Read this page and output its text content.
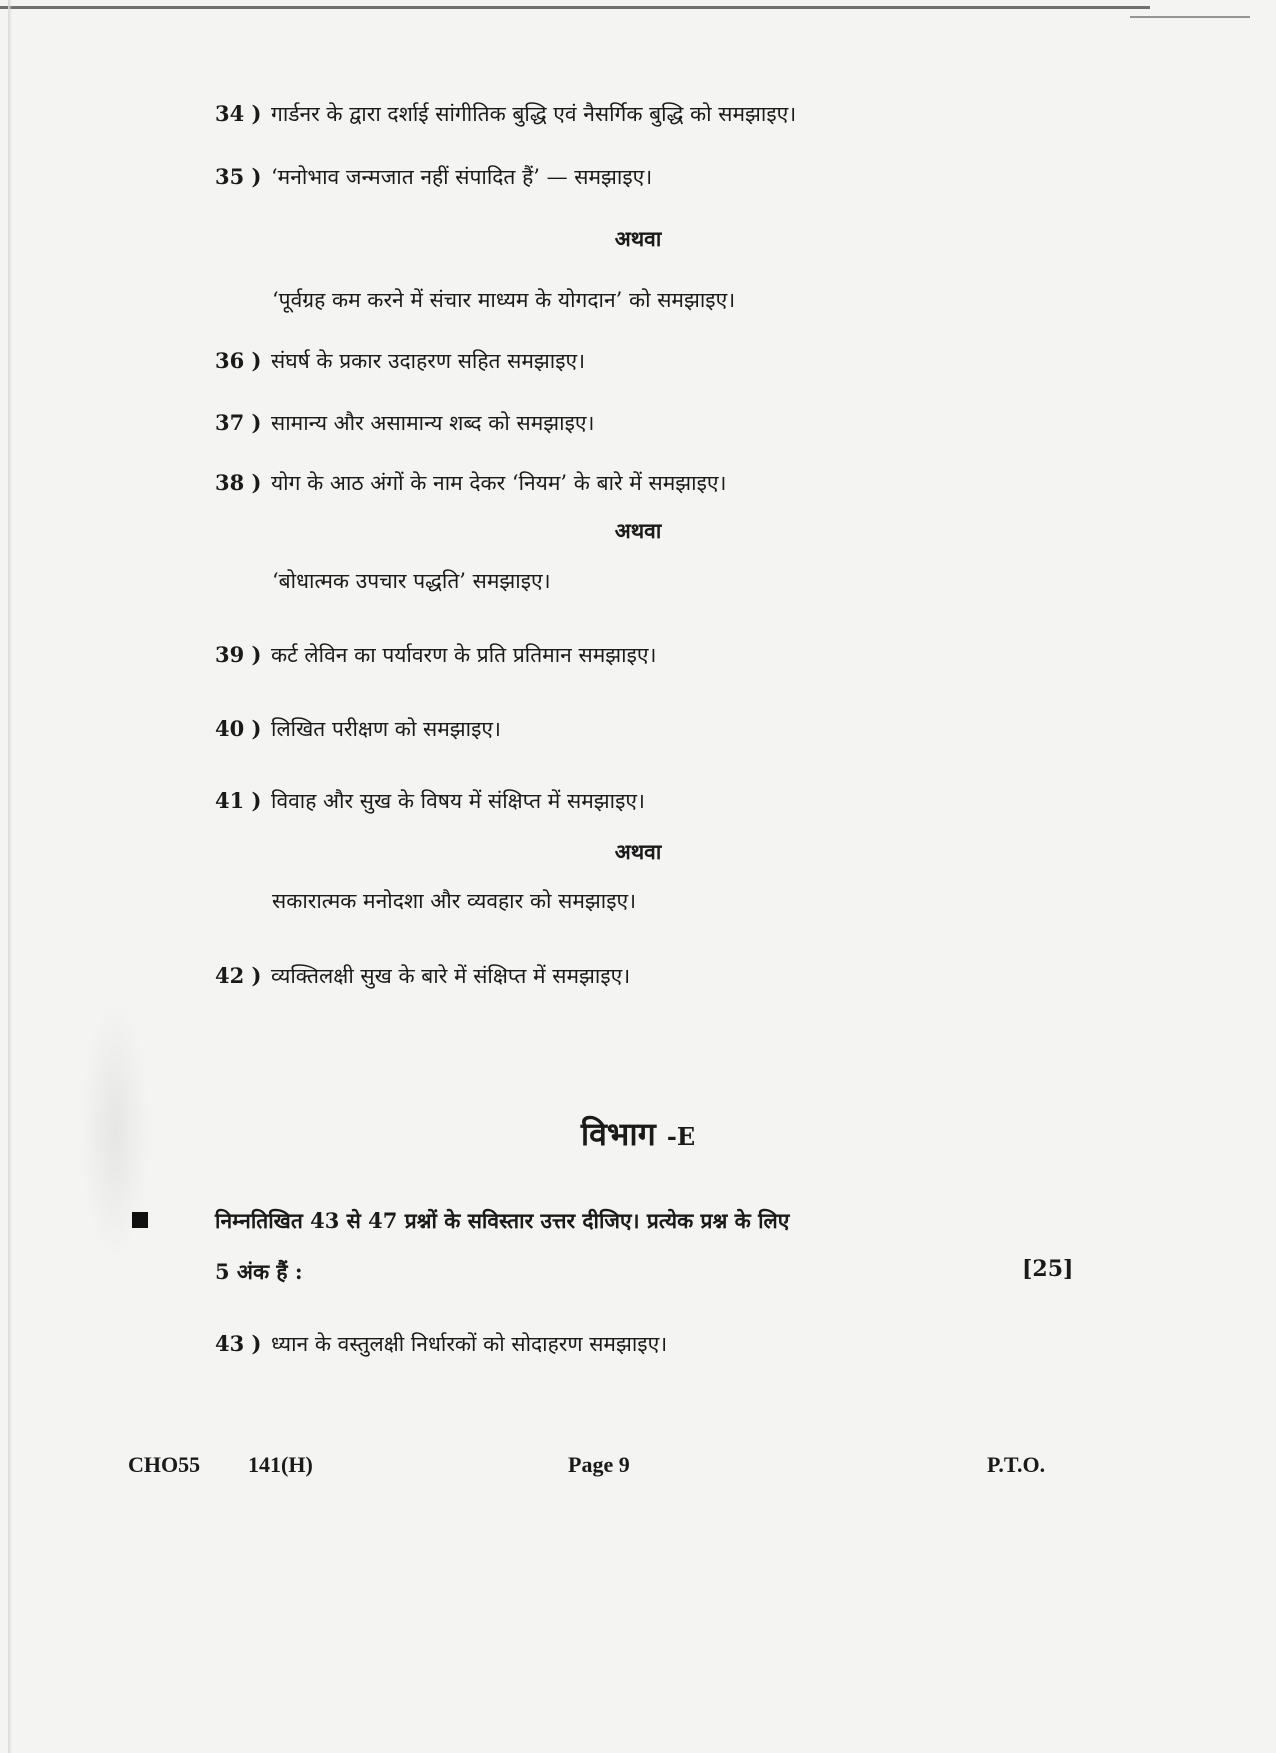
34 ) गार्डनर के द्वारा दर्शाई सांगीतिक बुद्धि एवं नैसर्गिक बुद्धि को समझाइए।
35 ) ‘मनोभाव जन्मजात नहीं संपादित हैं’ — समझाइए।
अथवा
‘पूर्वग्रह कम करने में संचार माध्यम के योगदान’ को समझाइए।
36 ) संघर्ष के प्रकार उदाहरण सहित समझाइए।
37 ) सामान्य और असामान्य शब्द को समझाइए।
38 ) योग के आठ अंगों के नाम देकर ‘नियम’ के बारे में समझाइए।
अथवा
‘बोधात्मक उपचार पद्धति’ समझाइए।
39 ) कर्ट लेविन का पर्यावरण के प्रति प्रतिमान समझाइए।
40 ) लिखित परीक्षण को समझाइए।
41 ) विवाह और सुख के विषय में संक्षिप्त में समझाइए।
अथवा
सकारात्मक मनोदशा और व्यवहार को समझाइए।
42 ) व्यक्तिलक्षी सुख के बारे में संक्षिप्त में समझाइए।
विभाग -E
निम्नतिखित 43 से 47 प्रश्नों के सविस्तार उत्तर दीजिए। प्रत्येक प्रश्न के लिए
5 अंक हैं :	[25]
43 ) ध्यान के वस्तुलक्षी निर्धारकों को सोदाहरण समझाइए।
CHO55 141(H)	Page 9	P.T.O.
